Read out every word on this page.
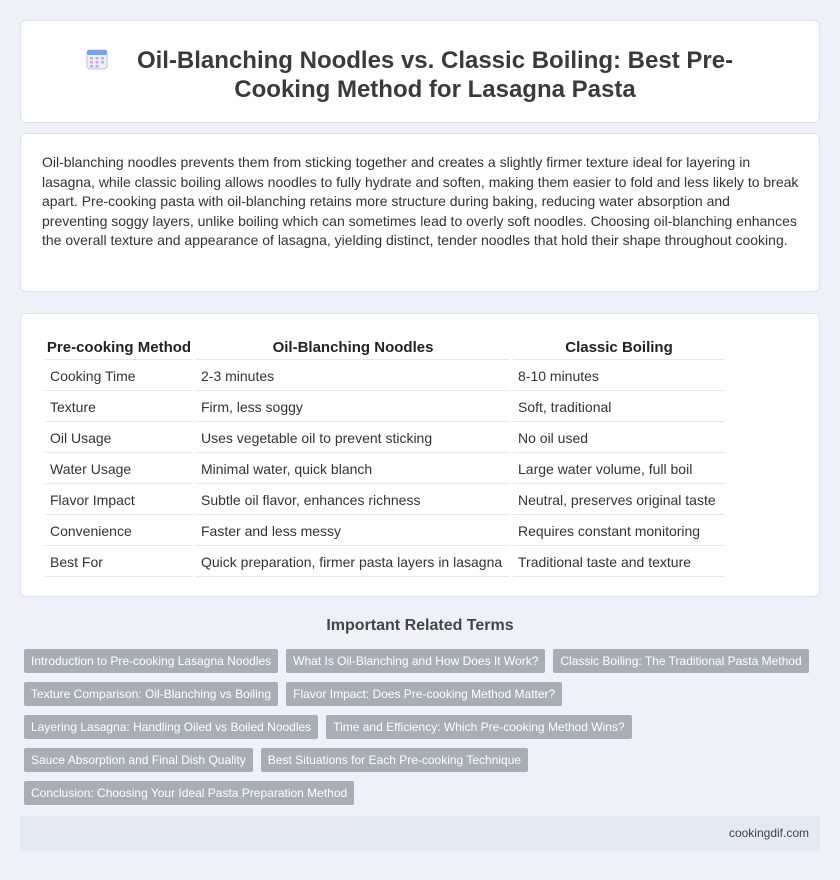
Oil-Blanching Noodles vs. Classic Boiling: Best Pre-Cooking Method for Lasagna Pasta

Oil-blanching noodles prevents them from sticking together and creates a slightly firmer texture ideal for layering in lasagna, while classic boiling allows noodles to fully hydrate and soften, making them easier to fold and less likely to break apart. Pre-cooking pasta with oil-blanching retains more structure during baking, reducing water absorption and preventing soggy layers, unlike boiling which can sometimes lead to overly soft noodles. Choosing oil-blanching enhances the overall texture and appearance of lasagna, yielding distinct, tender noodles that hold their shape throughout cooking.

Pre-cooking Method	Oil-Blanching Noodles	Classic Boiling
Cooking Time	2-3 minutes	8-10 minutes
Texture	Firm, less soggy	Soft, traditional
Oil Usage	Uses vegetable oil to prevent sticking	No oil used
Water Usage	Minimal water, quick blanch	Large water volume, full boil
Flavor Impact	Subtle oil flavor, enhances richness	Neutral, preserves original taste
Convenience	Faster and less messy	Requires constant monitoring
Best For	Quick preparation, firmer pasta layers in lasagna	Traditional taste and texture
Important Related Terms
Introduction to Pre-cooking Lasagna Noodles	What Is Oil-Blanching and How Does It Work?	Classic Boiling: The Traditional Pasta Method
Texture Comparison: Oil-Blanching vs Boiling	Flavor Impact: Does Pre-cooking Method Matter?
Layering Lasagna: Handling Oiled vs Boiled Noodles	Time and Efficiency: Which Pre-cooking Method Wins?
Sauce Absorption and Final Dish Quality	Best Situations for Each Pre-cooking Technique
Conclusion: Choosing Your Ideal Pasta Preparation Method
cookingdif.com
